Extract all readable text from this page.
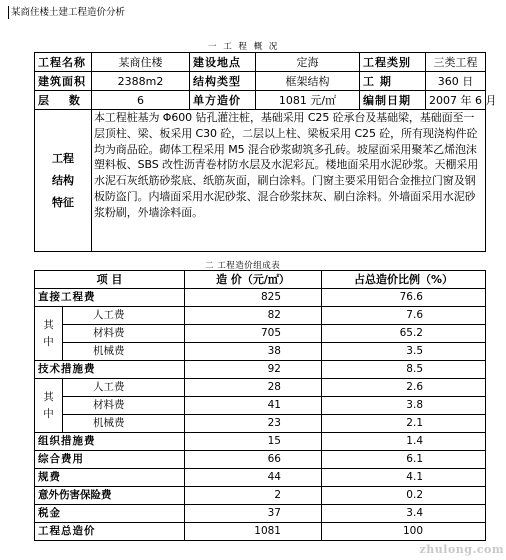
某商住楼土建工程造价分析
一 工 程 概 况
工程名称	某商住楼	建设地点	定海	工程类别	三类工程
建筑面积	2388m2	结构类型	框架结构	工 期	360 日
层 数	6	单方造价	1081 元/㎡	编制日期	2007 年 6 月
工程结构特征	本工程桩基为 Φ600 钻孔灌注桩，基础采用 C25 砼承台及基础梁，基础面至一层顶柱、梁、板采用 C30 砼，二层以上柱、梁板采用 C25 砼，所有现浇构件砼均为商品砼。砌体工程采用 M5 混合砂浆砌筑多孔砖。坡屋面采用聚苯乙烯泡沫塑料板、SBS 改性沥青卷材防水层及水泥彩瓦。楼地面采用水泥砂浆。天棚采用水泥石灰纸筋砂浆底、纸筋灰面，刷白涂料。门窗主要采用铝合金推拉门窗及钢板防盗门。内墙面采用水泥砂浆、混合砂浆抹灰、刷白涂料。外墙面采用水泥砂浆粉刷，外墙涂料面。				
二 工程造价组成表
项 目		造 价（元/㎡）	占总造价比例（%）
直接工程费		825	76.6
其中	人工费	82	7.6
	材料费	705	65.2
	机械费	38	3.5
技术措施费		92	8.5
其中	人工费	28	2.6
	材料费	41	3.8
	机械费	23	2.1
组织措施费		15	1.4
综合费用		66	6.1
规费		44	4.1
意外伤害保险费		2	0.2
税金		37	3.4
工程总造价		1081	100
zhulong.com
